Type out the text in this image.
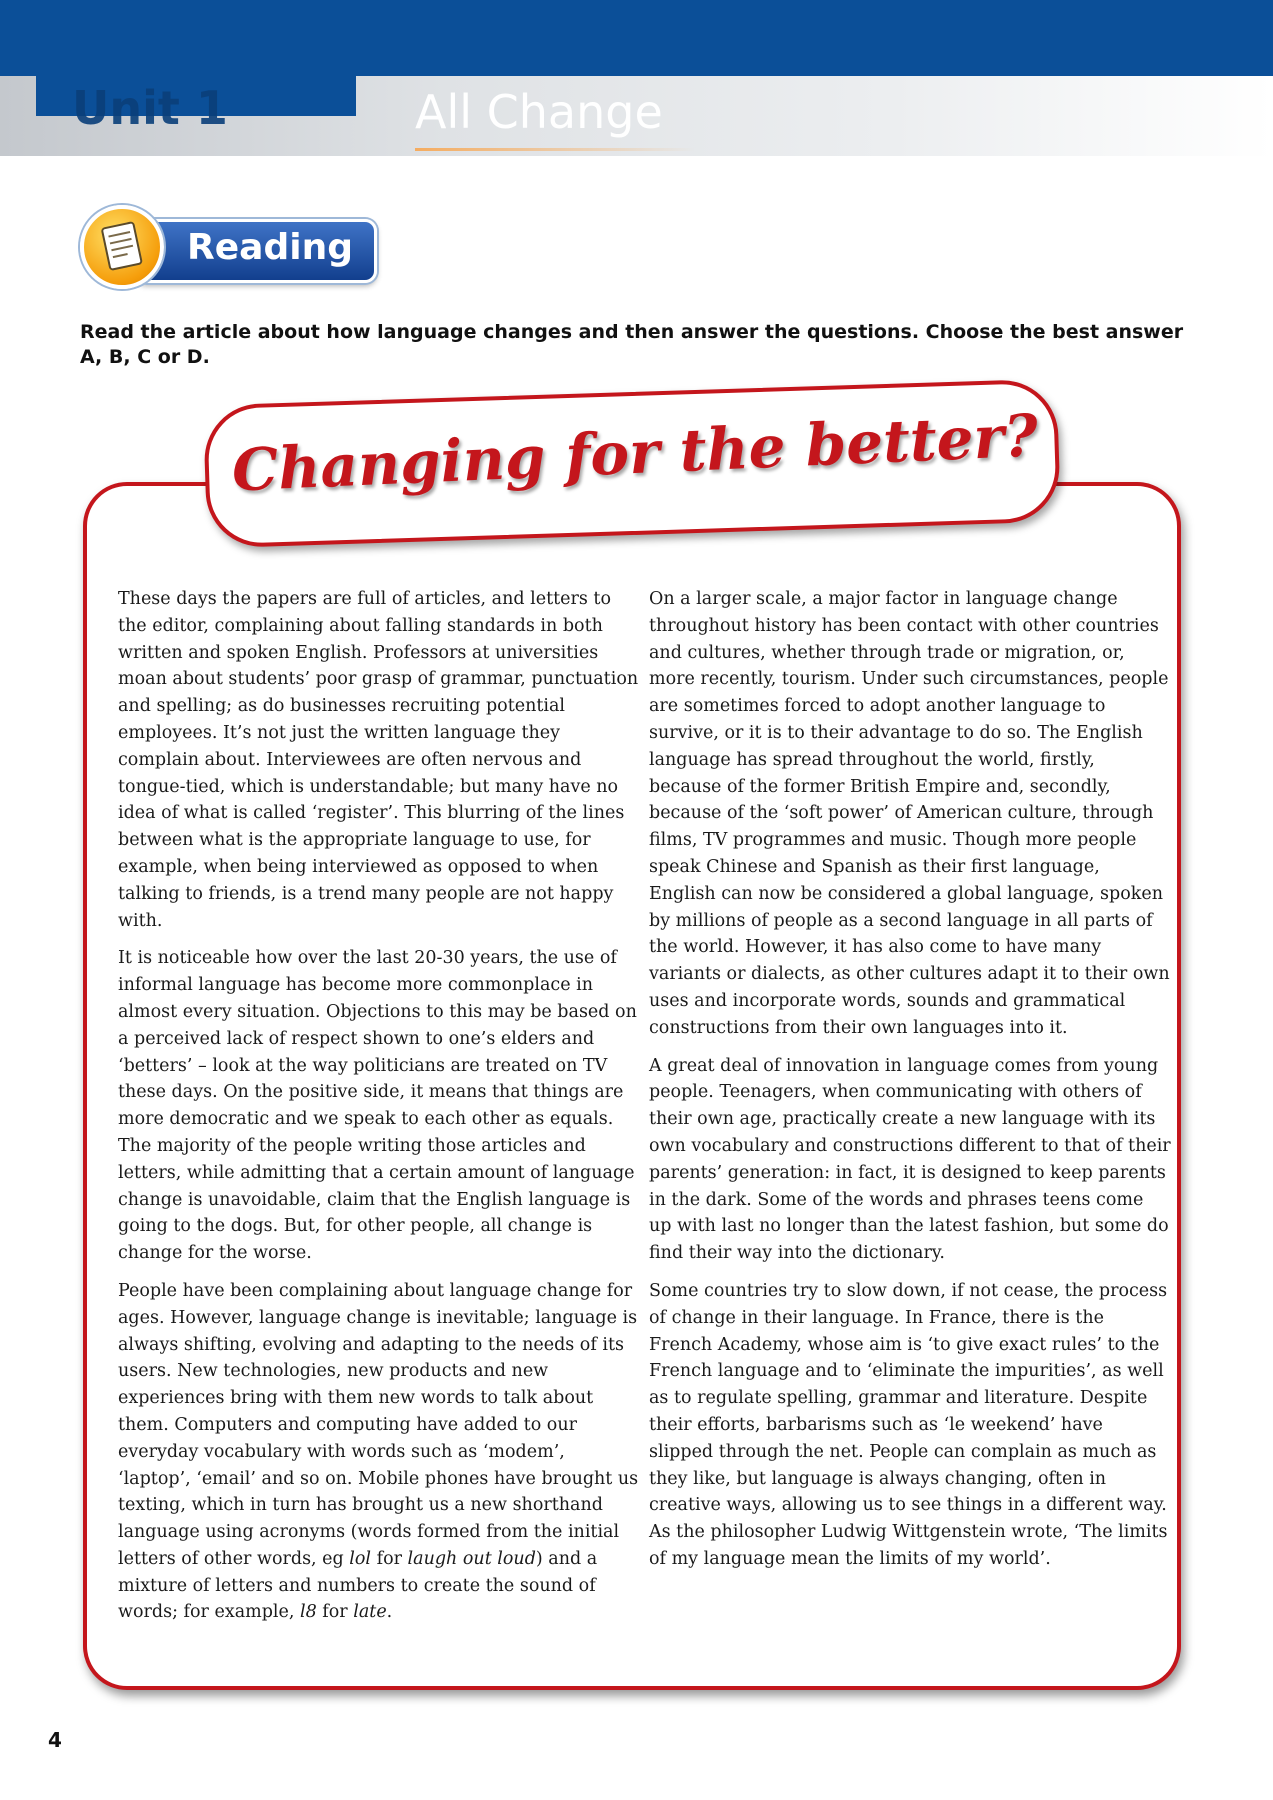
Unit 1	All Change
Reading

Read the article about how language changes and then answer the questions. Choose the best answer A, B, C or D.

Changing for the better?

These days the papers are full of articles, and letters to the editor, complaining about falling standards in both written and spoken English. Professors at universities moan about students’ poor grasp of grammar, punctuation and spelling; as do businesses recruiting potential employees. It’s not just the written language they complain about. Interviewees are often nervous and tongue-tied, which is understandable; but many have no idea of what is called ‘register’. This blurring of the lines between what is the appropriate language to use, for example, when being interviewed as opposed to when talking to friends, is a trend many people are not happy with.

It is noticeable how over the last 20-30 years, the use of informal language has become more commonplace in almost every situation. Objections to this may be based on a perceived lack of respect shown to one’s elders and ‘betters’ – look at the way politicians are treated on TV these days. On the positive side, it means that things are more democratic and we speak to each other as equals. The majority of the people writing those articles and letters, while admitting that a certain amount of language change is unavoidable, claim that the English language is going to the dogs. But, for other people, all change is change for the worse.

People have been complaining about language change for ages. However, language change is inevitable; language is always shifting, evolving and adapting to the needs of its users. New technologies, new products and new experiences bring with them new words to talk about them. Computers and computing have added to our everyday vocabulary with words such as ‘modem’, ‘laptop’, ‘email’ and so on. Mobile phones have brought us texting, which in turn has brought us a new shorthand language using acronyms (words formed from the initial letters of other words, eg lol for laugh out loud) and a mixture of letters and numbers to create the sound of words; for example, l8 for late.

On a larger scale, a major factor in language change throughout history has been contact with other countries and cultures, whether through trade or migration, or, more recently, tourism. Under such circumstances, people are sometimes forced to adopt another language to survive, or it is to their advantage to do so. The English language has spread throughout the world, firstly, because of the former British Empire and, secondly, because of the ‘soft power’ of American culture, through films, TV programmes and music. Though more people speak Chinese and Spanish as their first language, English can now be considered a global language, spoken by millions of people as a second language in all parts of the world. However, it has also come to have many variants or dialects, as other cultures adapt it to their own uses and incorporate words, sounds and grammatical constructions from their own languages into it.

A great deal of innovation in language comes from young people. Teenagers, when communicating with others of their own age, practically create a new language with its own vocabulary and constructions different to that of their parents’ generation: in fact, it is designed to keep parents in the dark. Some of the words and phrases teens come up with last no longer than the latest fashion, but some do find their way into the dictionary.

Some countries try to slow down, if not cease, the process of change in their language. In France, there is the French Academy, whose aim is ‘to give exact rules’ to the French language and to ‘eliminate the impurities’, as well as to regulate spelling, grammar and literature. Despite their efforts, barbarisms such as ‘le weekend’ have slipped through the net. People can complain as much as they like, but language is always changing, often in creative ways, allowing us to see things in a different way. As the philosopher Ludwig Wittgenstein wrote, ‘The limits of my language mean the limits of my world’.

4
